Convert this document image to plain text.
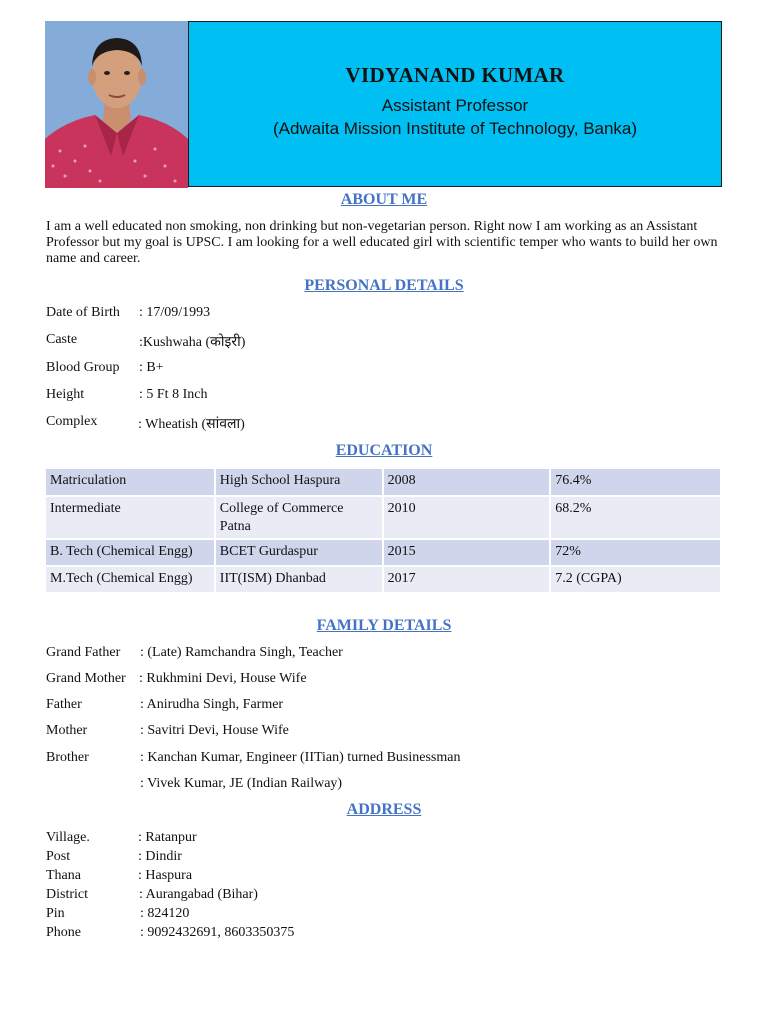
VIDYANAND KUMAR
Assistant Professor
(Adwaita Mission Institute of Technology, Banka)
ABOUT ME
I am a well educated non smoking, non drinking but non-vegetarian person. Right now I am working as an Assistant Professor but my goal is UPSC. I am looking for a well educated girl with scientific temper who wants to build her own name and career.
PERSONAL DETAILS
Date of Birth : 17/09/1993
Caste	:Kushwaha (कोइरी)
Blood Group : B+
Height	: 5 Ft 8 Inch
Complex	: Wheatish (सांवला)
EDUCATION
Matriculation	High School Haspura	2008	76.4%
Intermediate	College of Commerce Patna	2010	68.2%
B. Tech (Chemical Engg)	BCET Gurdaspur	2015	72%
M.Tech (Chemical Engg)	IIT(ISM) Dhanbad	2017	7.2 (CGPA)
FAMILY DETAILS
Grand Father : (Late) Ramchandra Singh, Teacher
Grand Mother : Rukhmini Devi, House Wife
Father	: Anirudha Singh, Farmer
Mother	: Savitri Devi, House Wife
Brother	: Kanchan Kumar, Engineer (IITian) turned Businessman
: Vivek Kumar, JE (Indian Railway)
ADDRESS
Village.	: Ratanpur
Post	: Dindir
Thana	: Haspura
District	: Aurangabad (Bihar)
Pin	: 824120
Phone	: 9092432691, 8603350375
